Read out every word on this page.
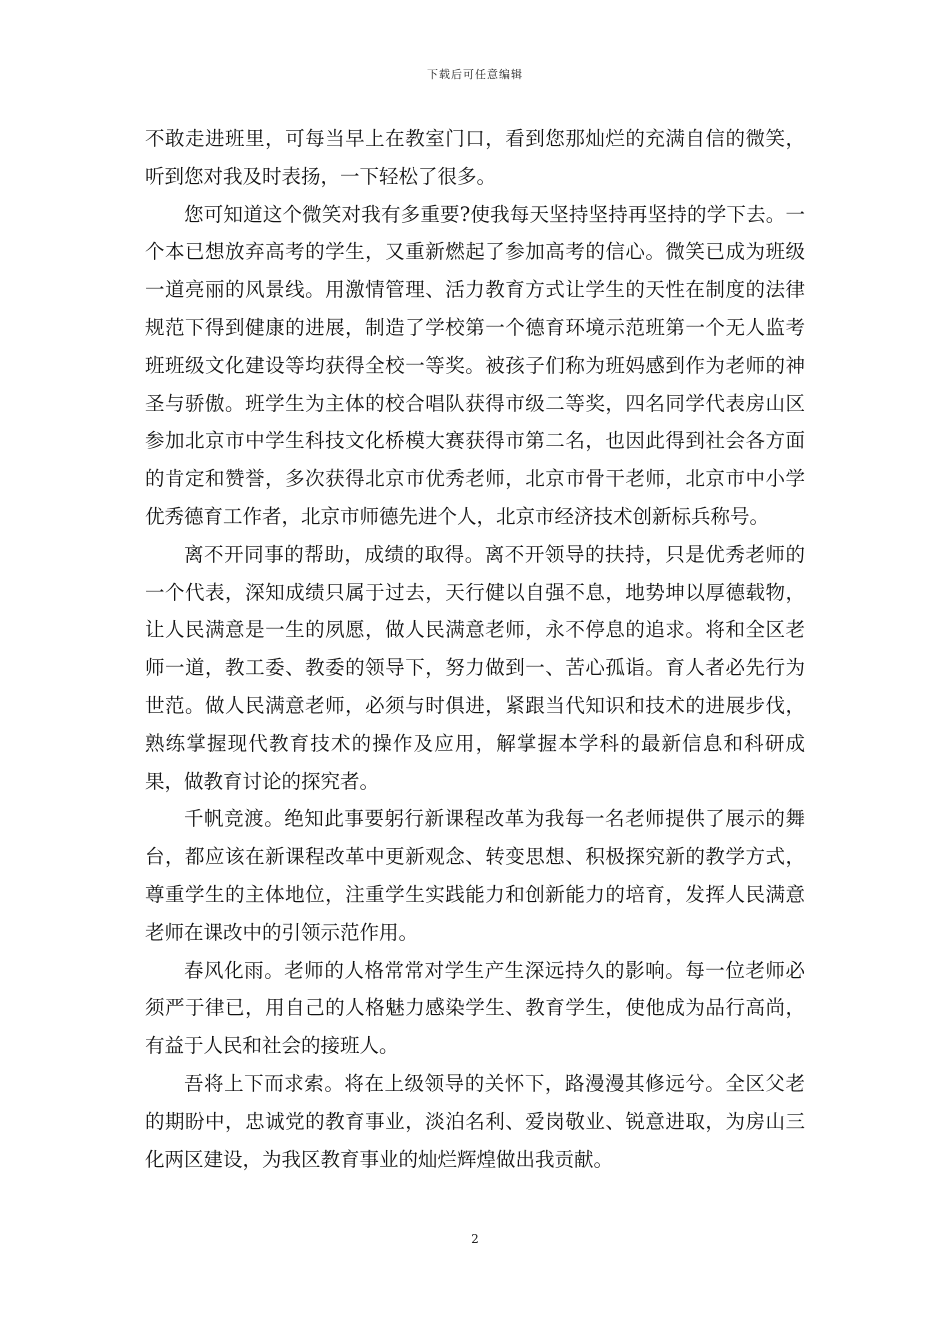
下载后可任意编辑

不敢走进班里，可每当早上在教室门口，看到您那灿烂的充满自信的微笑，听到您对我及时表扬，一下轻松了很多。

您可知道这个微笑对我有多重要?使我每天坚持坚持再坚持的学下去。一个本已想放弃高考的学生，又重新燃起了参加高考的信心。微笑已成为班级一道亮丽的风景线。用激情管理、活力教育方式让学生的天性在制度的法律规范下得到健康的进展，制造了学校第一个德育环境示范班第一个无人监考班班级文化建设等均获得全校一等奖。被孩子们称为班妈感到作为老师的神圣与骄傲。班学生为主体的校合唱队获得市级二等奖，四名同学代表房山区参加北京市中学生科技文化桥模大赛获得市第二名，也因此得到社会各方面的肯定和赞誉，多次获得北京市优秀老师，北京市骨干老师，北京市中小学优秀德育工作者，北京市师德先进个人，北京市经济技术创新标兵称号。

离不开同事的帮助，成绩的取得。离不开领导的扶持，只是优秀老师的一个代表，深知成绩只属于过去，天行健以自强不息，地势坤以厚德载物，让人民满意是一生的夙愿，做人民满意老师，永不停息的追求。将和全区老师一道，教工委、教委的领导下，努力做到一、苦心孤诣。育人者必先行为世范。做人民满意老师，必须与时俱进，紧跟当代知识和技术的进展步伐，熟练掌握现代教育技术的操作及应用，解掌握本学科的最新信息和科研成果，做教育讨论的探究者。

千帆竞渡。绝知此事要躬行新课程改革为我每一名老师提供了展示的舞台，都应该在新课程改革中更新观念、转变思想、积极探究新的教学方式，尊重学生的主体地位，注重学生实践能力和创新能力的培育，发挥人民满意老师在课改中的引领示范作用。

春风化雨。老师的人格常常对学生产生深远持久的影响。每一位老师必须严于律已，用自己的人格魅力感染学生、教育学生，使他成为品行高尚，有益于人民和社会的接班人。

吾将上下而求索。将在上级领导的关怀下，路漫漫其修远兮。全区父老的期盼中，忠诚党的教育事业，淡泊名利、爱岗敬业、锐意进取，为房山三化两区建设，为我区教育事业的灿烂辉煌做出我贡献。

2
